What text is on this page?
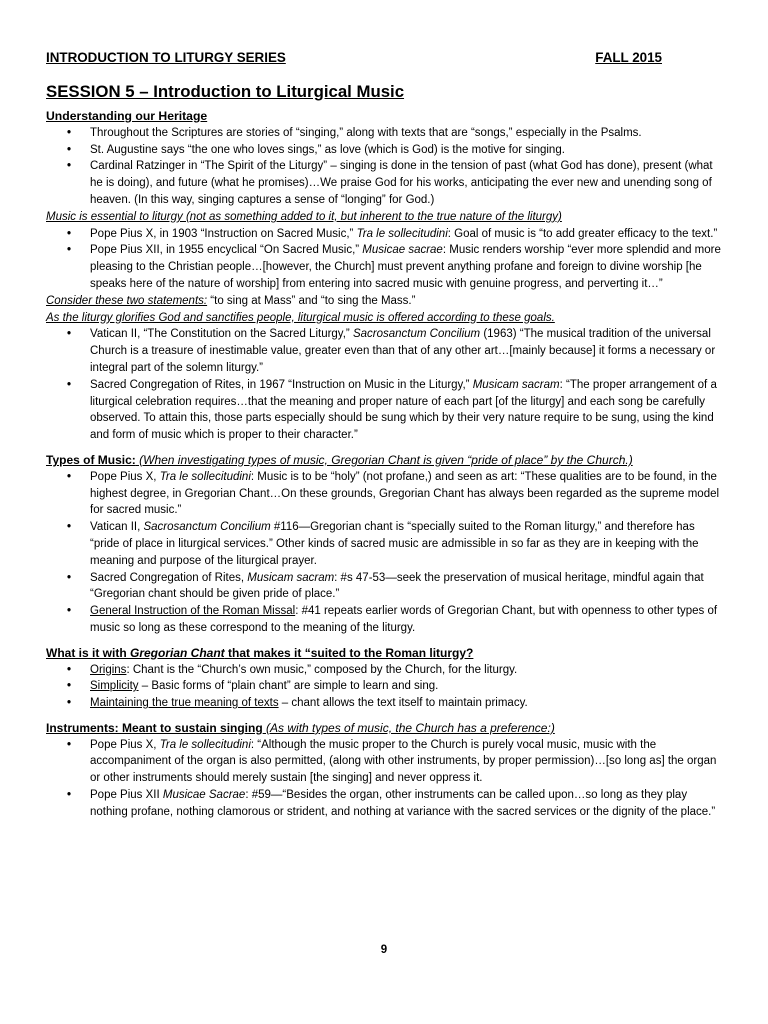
INTRODUCTION TO LITURGY SERIES	FALL 2015
SESSION 5 – Introduction to Liturgical Music
Understanding our Heritage
• Throughout the Scriptures are stories of “singing,” along with texts that are “songs,” especially in the Psalms.
• St. Augustine says “the one who loves sings,” as love (which is God) is the motive for singing.
• Cardinal Ratzinger in “The Spirit of the Liturgy” – singing is done in the tension of past (what God has done), present (what he is doing), and future (what he promises)…We praise God for his works, anticipating the ever new and unending song of heaven. (In this way, singing captures a sense of “longing” for God.)
Music is essential to liturgy (not as something added to it, but inherent to the true nature of the liturgy)
• Pope Pius X, in 1903 “Instruction on Sacred Music,” Tra le sollecitudini: Goal of music is “to add greater efficacy to the text.”
• Pope Pius XII, in 1955 encyclical “On Sacred Music,” Musicae sacrae: Music renders worship “ever more splendid and more pleasing to the Christian people…[however, the Church] must prevent anything profane and foreign to divine worship [he speaks here of the nature of worship] from entering into sacred music with genuine progress, and perverting it…”
Consider these two statements: “to sing at Mass” and “to sing the Mass.”
As the liturgy glorifies God and sanctifies people, liturgical music is offered according to these goals.
• Vatican II, “The Constitution on the Sacred Liturgy,” Sacrosanctum Concilium (1963) “The musical tradition of the universal Church is a treasure of inestimable value, greater even than that of any other art…[mainly because] it forms a necessary or integral part of the solemn liturgy.”
• Sacred Congregation of Rites, in 1967 “Instruction on Music in the Liturgy,” Musicam sacram: “The proper arrangement of a liturgical celebration requires…that the meaning and proper nature of each part [of the liturgy] and each song be carefully observed. To attain this, those parts especially should be sung which by their very nature require to be sung, using the kind and form of music which is proper to their character.”
Types of Music: (When investigating types of music, Gregorian Chant is given “pride of place” by the Church.)
• Pope Pius X, Tra le sollecitudini: Music is to be “holy” (not profane,) and seen as art: “These qualities are to be found, in the highest degree, in Gregorian Chant…On these grounds, Gregorian Chant has always been regarded as the supreme model for sacred music.”
• Vatican II, Sacrosanctum Concilium #116—Gregorian chant is “specially suited to the Roman liturgy,” and therefore has “pride of place in liturgical services.” Other kinds of sacred music are admissible in so far as they are in keeping with the meaning and purpose of the liturgical prayer.
• Sacred Congregation of Rites, Musicam sacram: #s 47-53—seek the preservation of musical heritage, mindful again that “Gregorian chant should be given pride of place.”
• General Instruction of the Roman Missal: #41 repeats earlier words of Gregorian Chant, but with openness to other types of music so long as these correspond to the meaning of the liturgy.
What is it with Gregorian Chant that makes it “suited to the Roman liturgy?
• Origins: Chant is the “Church’s own music,” composed by the Church, for the liturgy.
• Simplicity – Basic forms of “plain chant” are simple to learn and sing.
• Maintaining the true meaning of texts – chant allows the text itself to maintain primacy.
Instruments: Meant to sustain singing (As with types of music, the Church has a preference:)
• Pope Pius X, Tra le sollecitudini: “Although the music proper to the Church is purely vocal music, music with the accompaniment of the organ is also permitted, (along with other instruments, by proper permission)…[so long as] the organ or other instruments should merely sustain [the singing] and never oppress it.
• Pope Pius XII Musicae Sacrae: #59—“Besides the organ, other instruments can be called upon…so long as they play nothing profane, nothing clamorous or strident, and nothing at variance with the sacred services or the dignity of the place.”
9
